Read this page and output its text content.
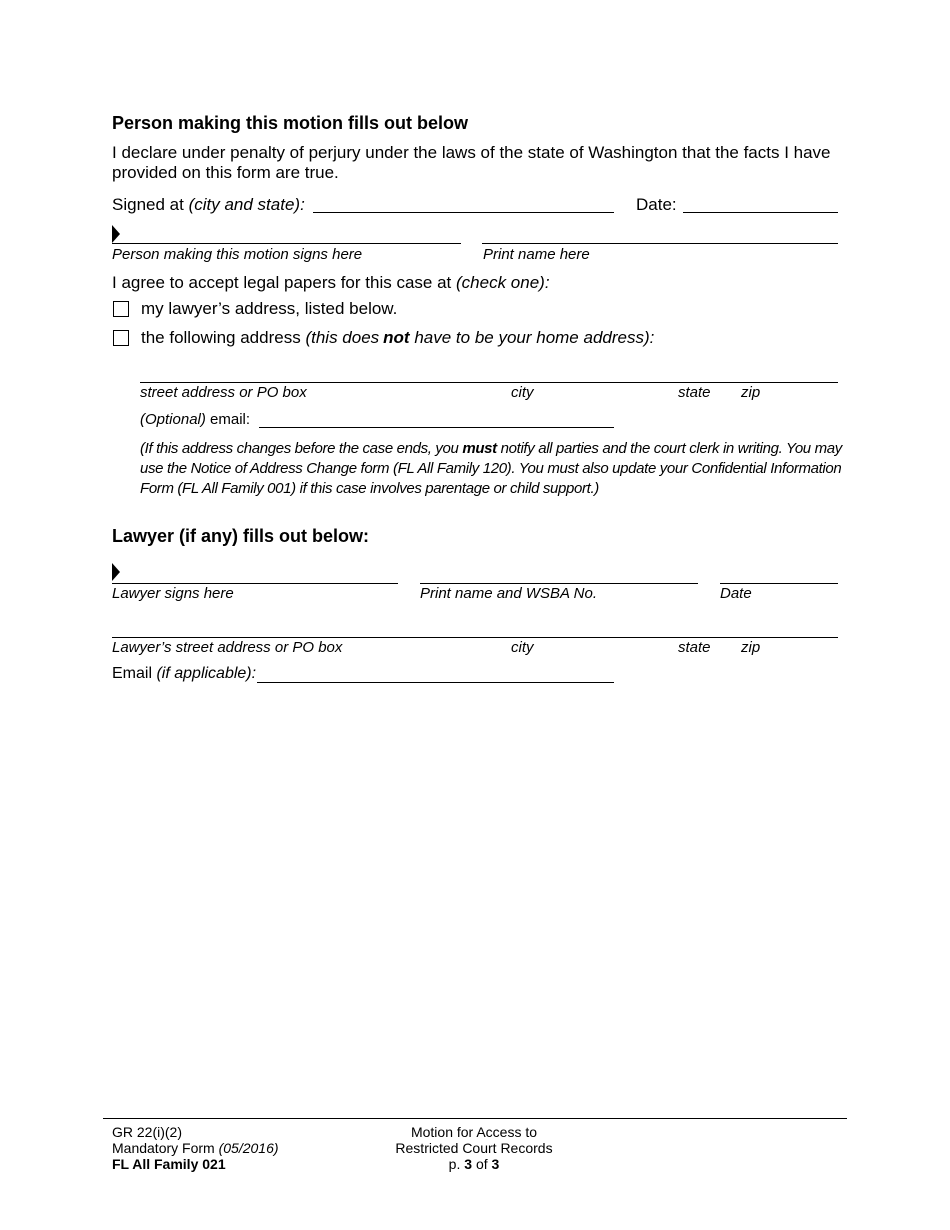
Person making this motion fills out below
I declare under penalty of perjury under the laws of the state of Washington that the facts I have provided on this form are true.
Signed at (city and state):	Date:
Person making this motion signs here	Print name here
I agree to accept legal papers for this case at (check one):
my lawyer’s address, listed below.
the following address (this does not have to be your home address):
street address or PO box	city	state zip
(Optional) email:
(If this address changes before the case ends, you must notify all parties and the court clerk in writing. You may use the Notice of Address Change form (FL All Family 120). You must also update your Confidential Information Form (FL All Family 001) if this case involves parentage or child support.)
Lawyer (if any) fills out below:
Lawyer signs here	Print name and WSBA No.	Date
Lawyer’s street address or PO box	city	state zip
Email (if applicable):
GR 22(i)(2)
Mandatory Form (05/2016)
FL All Family 021
Motion for Access to
Restricted Court Records
p. 3 of 3
